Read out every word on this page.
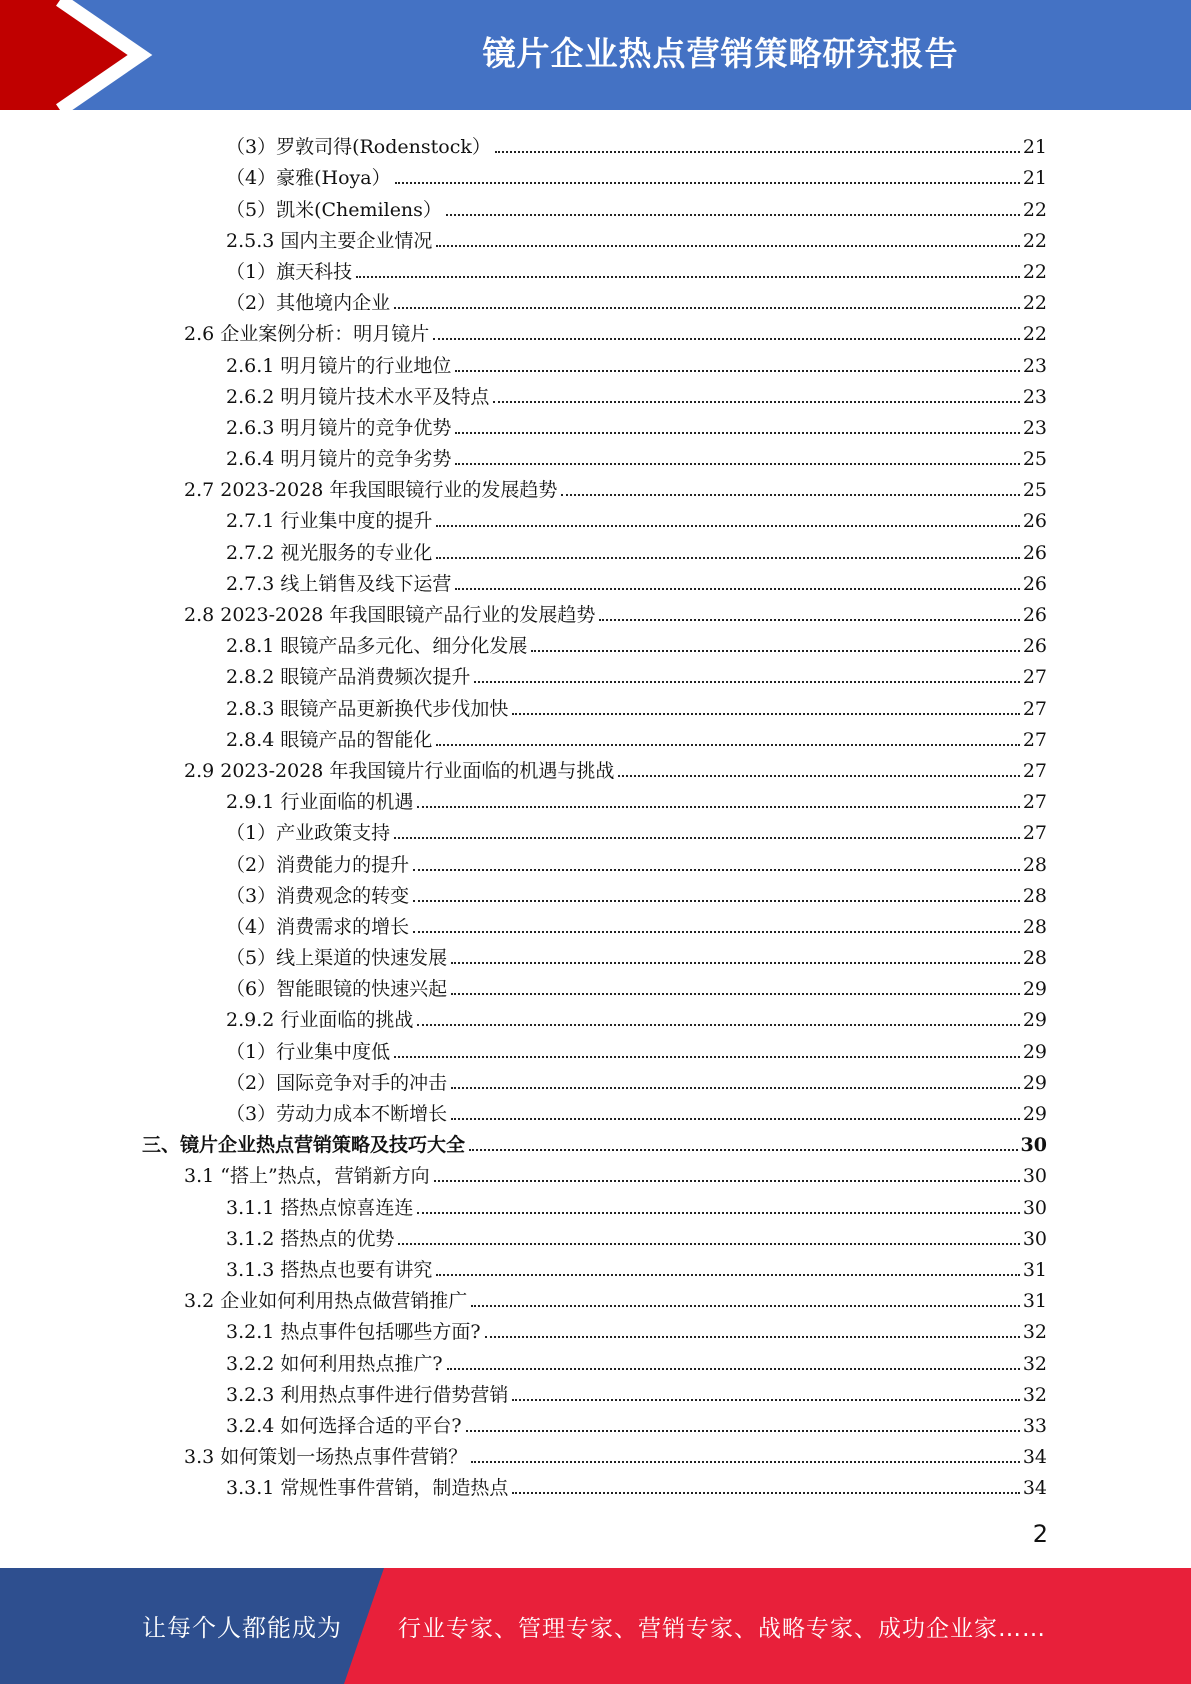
镜片企业热点营销策略研究报告
（3）罗敦司得(Rodenstock）	21
（4）豪雅(Hoya）	21
（5）凯米(Chemilens）	22
2.5.3 国内主要企业情况	22
（1）旗天科技	22
（2）其他境内企业	22
2.6 企业案例分析：明月镜片	22
2.6.1 明月镜片的行业地位	23
2.6.2 明月镜片技术水平及特点	23
2.6.3 明月镜片的竞争优势	23
2.6.4 明月镜片的竞争劣势	25
2.7 2023-2028 年我国眼镜行业的发展趋势	25
2.7.1 行业集中度的提升	26
2.7.2 视光服务的专业化	26
2.7.3 线上销售及线下运营	26
2.8 2023-2028 年我国眼镜产品行业的发展趋势	26
2.8.1 眼镜产品多元化、细分化发展	26
2.8.2 眼镜产品消费频次提升	27
2.8.3 眼镜产品更新换代步伐加快	27
2.8.4 眼镜产品的智能化	27
2.9 2023-2028 年我国镜片行业面临的机遇与挑战	27
2.9.1 行业面临的机遇	27
（1）产业政策支持	27
（2）消费能力的提升	28
（3）消费观念的转变	28
（4）消费需求的增长	28
（5）线上渠道的快速发展	28
（6）智能眼镜的快速兴起	29
2.9.2 行业面临的挑战	29
（1）行业集中度低	29
（2）国际竞争对手的冲击	29
（3）劳动力成本不断增长	29
三、镜片企业热点营销策略及技巧大全	30
3.1 “搭上”热点，营销新方向	30
3.1.1 搭热点惊喜连连	30
3.1.2 搭热点的优势	30
3.1.3 搭热点也要有讲究	31
3.2 企业如何利用热点做营销推广	31
3.2.1 热点事件包括哪些方面?	32
3.2.2 如何利用热点推广?	32
3.2.3 利用热点事件进行借势营销	32
3.2.4 如何选择合适的平台?	33
3.3 如何策划一场热点事件营销？	34
3.3.1 常规性事件营销，制造热点	34
2
让每个人都能成为 行业专家、管理专家、营销专家、战略专家、成功企业家……
